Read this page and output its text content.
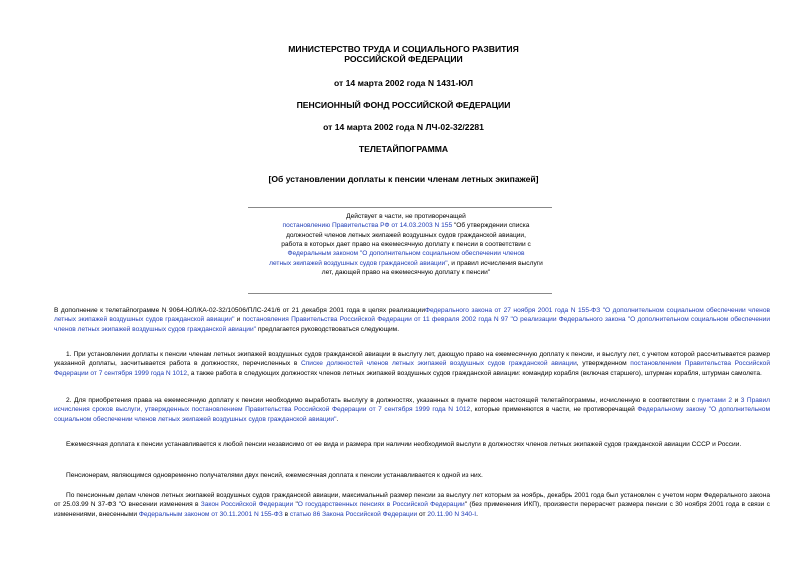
МИНИСТЕРСТВО ТРУДА И СОЦИАЛЬНОГО РАЗВИТИЯ
РОССИЙСКОЙ ФЕДЕРАЦИИ
от 14 марта 2002 года N 1431-ЮЛ
ПЕНСИОННЫЙ ФОНД РОССИЙСКОЙ ФЕДЕРАЦИИ
от 14 марта 2002 года N ЛЧ-02-32/2281
ТЕЛЕТАЙПОГРАММА
[Об установлении доплаты к пенсии членам летных экипажей]
Действует в части, не противоречащей
постановлению Правительства РФ от 14.03.2003 N 155 "Об утверждении списка
должностей членов летных экипажей воздушных судов гражданской авиации,
работа в которых дает право на ежемесячную доплату к пенсии в соответствии с
Федеральным законом "О дополнительном социальном обеспечении членов
летных экипажей воздушных судов гражданской авиации", и правил исчисления выслуги
лет, дающей право на ежемесячную доплату к пенсии"
В дополнение к телетайпограмме N 9064-ЮЛ/КА-02-32/10506/ПЛС-241/6 от 21 декабря 2001 года в целях реализацииФедерального закона от 27 ноября 2001 года N 155-ФЗ "О дополнительном социальном обеспечении членов летных экипажей воздушных судов гражданской авиации" и постановления Правительства Российской Федерации от 11 февраля 2002 года N 97 "О реализации Федерального закона "О дополнительном социальном обеспечении членов летных экипажей воздушных судов гражданской авиации" предлагается руководствоваться следующим.
1. При установлении доплаты к пенсии членам летных экипажей воздушных судов гражданской авиации в выслугу лет, дающую право на ежемесячную доплату к пенсии, и выслугу лет, с учетом которой рассчитывается размер указанной доплаты, засчитывается работа в должностях, перечисленных в Списке должностей членов летных экипажей воздушных судов гражданской авиации, утвержденном постановлением Правительства Российской Федерации от 7 сентября 1999 года N 1012, а также работа в следующих должностях членов летных экипажей воздушных судов гражданской авиации: командир корабля (включая старшего), штурман корабля, штурман самолета.
2. Для приобретения права на ежемесячную доплату к пенсии необходимо выработать выслугу в должностях, указанных в пункте первом настоящей телетайпограммы, исчисленную в соответствии с пунктами 2 и 3 Правил исчисления сроков выслуги, утвержденных постановлением Правительства Российской Федерации от 7 сентября 1999 года N 1012, которые применяются в части, не противоречащей Федеральному закону "О дополнительном социальном обеспечении членов летных экипажей воздушных судов гражданской авиации".
Ежемесячная доплата к пенсии устанавливается к любой пенсии независимо от ее вида и размера при наличии необходимой выслуги в должностях членов летных экипажей судов гражданской авиации СССР и России.
Пенсионерам, являющимся одновременно получателями двух пенсий, ежемесячная доплата к пенсии устанавливается к одной из них.
По пенсионным делам членов летных экипажей воздушных судов гражданской авиации, максимальный размер пенсии за выслугу лет которым за ноябрь, декабрь 2001 года был установлен с учетом норм Федерального закона от 25.03.99 N 37-ФЗ "О внесении изменения в Закон Российской Федерации "О государственных пенсиях в Российской Федерации" (без применения ИКП), произвести перерасчет размера пенсии с 30 ноября 2001 года в связи с изменениями, внесенными Федеральным законом от 30.11.2001 N 155-ФЗ в статью 86 Закона Российской Федерации от 20.11.90 N 340-I.
